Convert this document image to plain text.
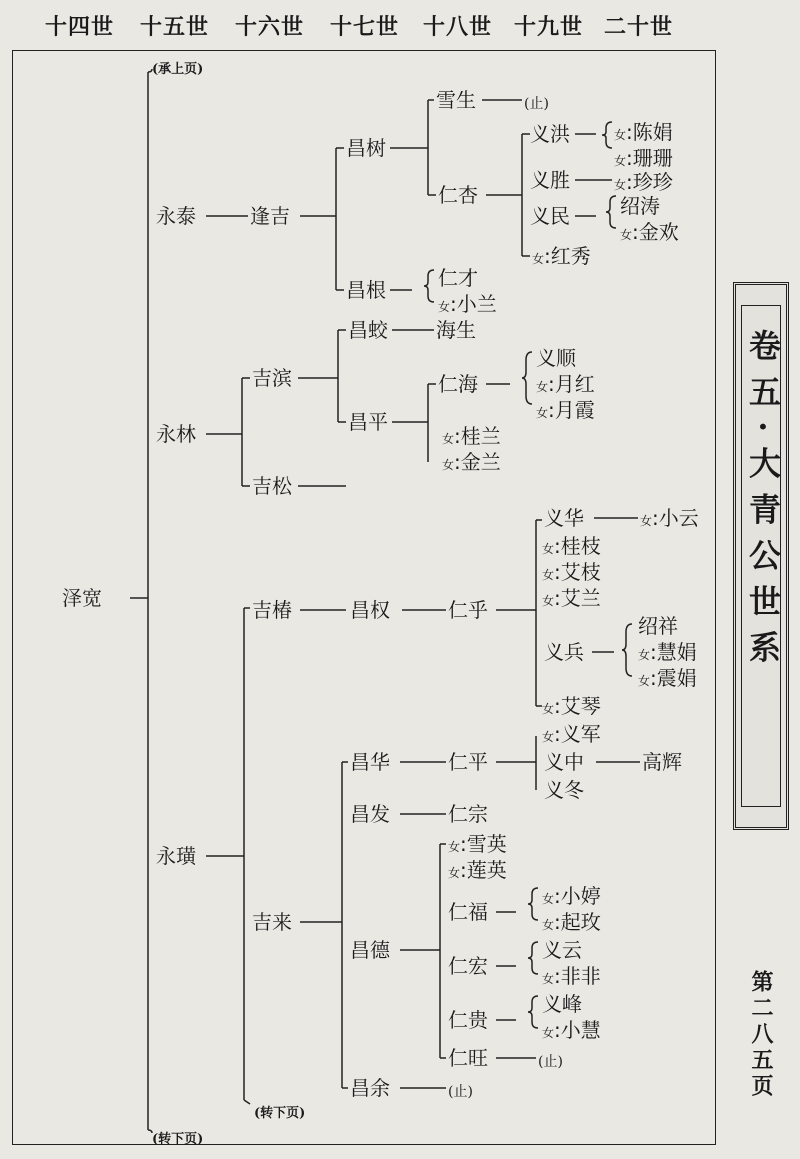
十四世 十五世 十六世 十七世 十八世 十九世 二十世
(承上页)
(转下页)
(转下页)
泽宽
永泰	逢吉
昌树
雪生	(止)
仁杏
义洪	女:陈娟
女:珊珊
义胜	女:珍珍
义民	绍涛
女:金欢
女:红秀
昌根	仁才
女:小兰
永林
吉滨
昌蛟 海生
昌平
仁海
义顺
女:月红
女:月霞
女:桂兰
女:金兰
吉松
永璜
吉椿	昌权	仁乎
义华	女:小云
女:桂枝
女:艾枝
女:艾兰
义兵
绍祥
女:慧娟
女:震娟
女:艾琴
吉来
昌华	仁平
女:义军
义中	高辉
义冬
昌发	仁宗
昌德
女:雪英
女:莲英
仁福
女:小婷
女:起玫
仁宏
义云
女:非非
仁贵
义峰
女:小慧
仁旺	(止)
昌余	(止)
卷五·大青公世系
第二八五页
